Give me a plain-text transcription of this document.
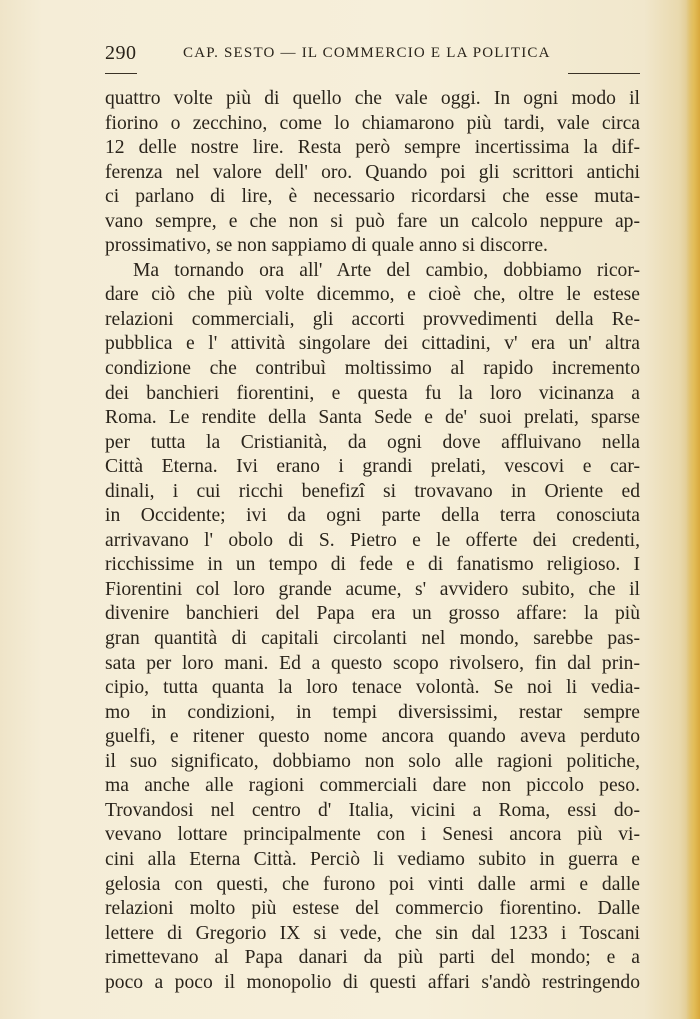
290	CAP. SESTO — IL COMMERCIO E LA POLITICA
quattro volte più di quello che vale oggi. In ogni modo il
fiorino o zecchino, come lo chiamarono più tardi, vale circa
12 delle nostre lire. Resta però sempre incertissima la dif-
ferenza nel valore dell' oro. Quando poi gli scrittori antichi
ci parlano di lire, è necessario ricordarsi che esse muta-
vano sempre, e che non si può fare un calcolo neppure ap-
prossimativo, se non sappiamo di quale anno si discorre.
Ma tornando ora all' Arte del cambio, dobbiamo ricor-
dare ciò che più volte dicemmo, e cioè che, oltre le estese
relazioni commerciali, gli accorti provvedimenti della Re-
pubblica e l' attività singolare dei cittadini, v' era un' altra
condizione che contribuì moltissimo al rapido incremento
dei banchieri fiorentini, e questa fu la loro vicinanza a
Roma. Le rendite della Santa Sede e de' suoi prelati, sparse
per tutta la Cristianità, da ogni dove affluivano nella
Città Eterna. Ivi erano i grandi prelati, vescovi e car-
dinali, i cui ricchi benefizî si trovavano in Oriente ed
in Occidente; ivi da ogni parte della terra conosciuta
arrivavano l' obolo di S. Pietro e le offerte dei credenti,
ricchissime in un tempo di fede e di fanatismo religioso. I
Fiorentini col loro grande acume, s' avvidero subito, che il
divenire banchieri del Papa era un grosso affare: la più
gran quantità di capitali circolanti nel mondo, sarebbe pas-
sata per loro mani. Ed a questo scopo rivolsero, fin dal prin-
cipio, tutta quanta la loro tenace volontà. Se noi li vedia-
mo in condizioni, in tempi diversissimi, restar sempre
guelfi, e ritener questo nome ancora quando aveva perduto
il suo significato, dobbiamo non solo alle ragioni politiche,
ma anche alle ragioni commerciali dare non piccolo peso.
Trovandosi nel centro d' Italia, vicini a Roma, essi do-
vevano lottare principalmente con i Senesi ancora più vi-
cini alla Eterna Città. Perciò li vediamo subito in guerra e
gelosia con questi, che furono poi vinti dalle armi e dalle
relazioni molto più estese del commercio fiorentino. Dalle
lettere di Gregorio IX si vede, che sin dal 1233 i Toscani
rimettevano al Papa danari da più parti del mondo; e a
poco a poco il monopolio di questi affari s'andò restringendo
